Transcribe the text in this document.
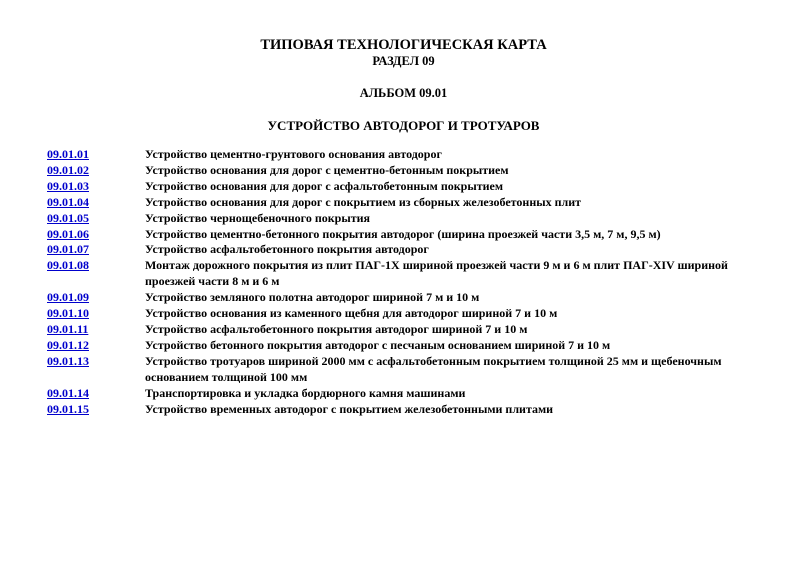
ТИПОВАЯ ТЕХНОЛОГИЧЕСКАЯ КАРТА
РАЗДЕЛ 09
АЛЬБОМ 09.01
УСТРОЙСТВО АВТОДОРОГ И ТРОТУАРОВ
09.01.01	Устройство цементно-грунтового основания автодорог
09.01.02	Устройство основания для дорог с цементно-бетонным покрытием
09.01.03	Устройство основания для дорог с асфальтобетонным покрытием
09.01.04	Устройство основания для дорог с покрытием из сборных железобетонных плит
09.01.05	Устройство чернощебеночного покрытия
09.01.06	Устройство цементно-бетонного покрытия автодорог (ширина проезжей части 3,5 м, 7 м, 9,5 м)
09.01.07	Устройство асфальтобетонного покрытия автодорог
09.01.08	Монтаж дорожного покрытия из плит ПАГ-1Х шириной проезжей части 9 м и 6 м плит ПАГ-XIV шириной проезжей части 8 м и 6 м
09.01.09	Устройство земляного полотна автодорог шириной 7 м и 10 м
09.01.10	Устройство основания из каменного щебня для автодорог шириной 7 и 10 м
09.01.11	Устройство асфальтобетонного покрытия автодорог шириной 7 и 10 м
09.01.12	Устройство бетонного покрытия автодорог с песчаным основанием шириной 7 и 10 м
09.01.13	Устройство тротуаров шириной 2000 мм с асфальтобетонным покрытием толщиной 25 мм и щебеночным основанием толщиной 100 мм
09.01.14	Транспортировка и укладка бордюрного камня машинами
09.01.15	Устройство временных автодорог с покрытием железобетонными плитами
